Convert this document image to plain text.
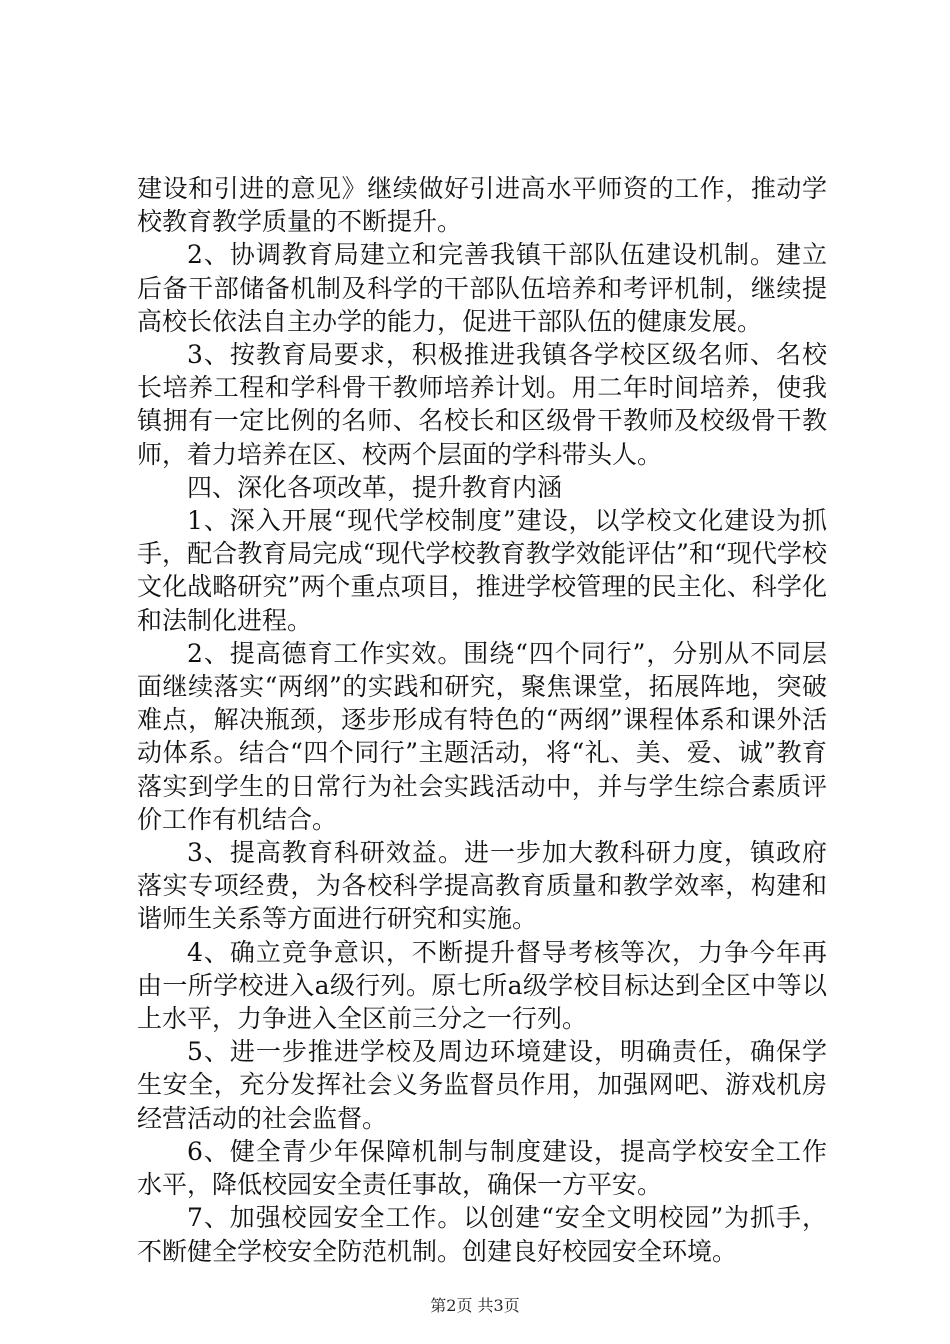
建设和引进的意见》继续做好引进高水平师资的工作，推动学校教育教学质量的不断提升。

2、协调教育局建立和完善我镇干部队伍建设机制。建立后备干部储备机制及科学的干部队伍培养和考评机制，继续提高校长依法自主办学的能力，促进干部队伍的健康发展。

3、按教育局要求，积极推进我镇各学校区级名师、名校长培养工程和学科骨干教师培养计划。用二年时间培养，使我镇拥有一定比例的名师、名校长和区级骨干教师及校级骨干教师，着力培养在区、校两个层面的学科带头人。

四、深化各项改革，提升教育内涵

1、深入开展“现代学校制度”建设，以学校文化建设为抓手，配合教育局完成“现代学校教育教学效能评估”和“现代学校文化战略研究”两个重点项目，推进学校管理的民主化、科学化和法制化进程。

2、提高德育工作实效。围绕“四个同行”，分别从不同层面继续落实“两纲”的实践和研究，聚焦课堂，拓展阵地，突破难点，解决瓶颈，逐步形成有特色的“两纲”课程体系和课外活动体系。结合“四个同行”主题活动，将“礼、美、爱、诚”教育落实到学生的日常行为社会实践活动中，并与学生综合素质评价工作有机结合。

3、提高教育科研效益。进一步加大教科研力度，镇政府落实专项经费，为各校科学提高教育质量和教学效率，构建和谐师生关系等方面进行研究和实施。

4、确立竞争意识，不断提升督导考核等次，力争今年再由一所学校进入a级行列。原七所a级学校目标达到全区中等以上水平，力争进入全区前三分之一行列。

5、进一步推进学校及周边环境建设，明确责任，确保学生安全，充分发挥社会义务监督员作用，加强网吧、游戏机房经营活动的社会监督。

6、健全青少年保障机制与制度建设，提高学校安全工作水平，降低校园安全责任事故，确保一方平安。

7、加强校园安全工作。以创建“安全文明校园”为抓手，不断健全学校安全防范机制。创建良好校园安全环境。

第2页 共3页
